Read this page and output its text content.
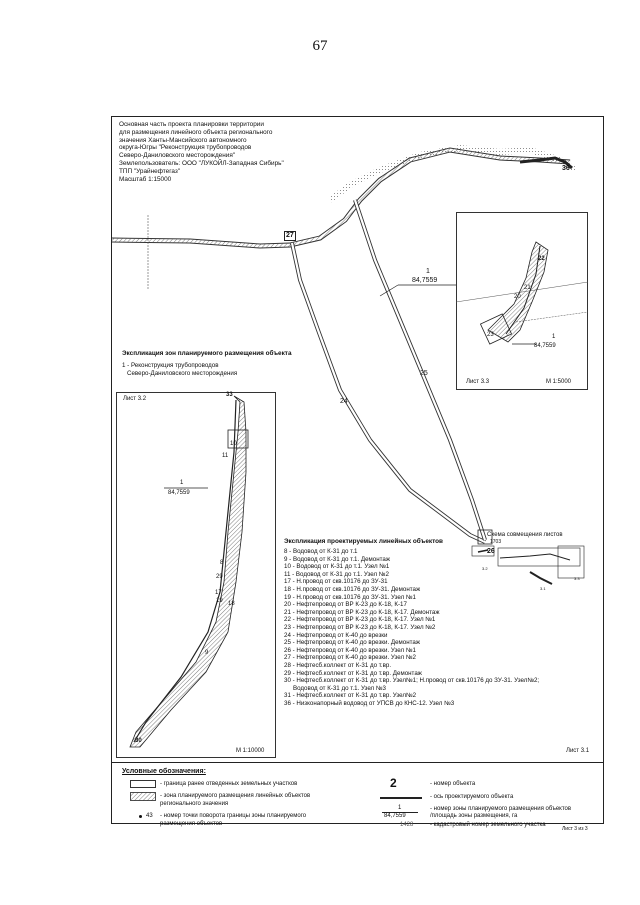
67
Основная часть проекта планировки территории
для размещения линейного объекта регионального
значения Ханты-Мансийского автономного
округа-Югры "Реконструкция трубопроводов
Северо-Даниловского месторождения"
Землепользователь: ООО "ЛУКОЙЛ-Западная Сибирь"
ТПП "Урайнефтегаз"
Масштаб 1:15000
27
36
24
25
26
1703
1
84,7559
Лист 3.1
Экспликация зон планируемого размещения объекта
1 - Реконструкция трубопроводов
Северо-Даниловского месторождения
Лист 3.2
М 1:10000
33
10
11
8
17
19 18
29
9
30
1
84,7559
Лист 3.3	М 1:5000
22
21
20
23	1
84,7559
Экспликация проектируемых линейных объектов
8 - Водовод от К-31 до т.1
9 - Водовод от К-31 до т.1. Демонтаж
10 - Водовод от К-31 до т.1. Узел №1
11 - Водовод от К-31 до т.1. Узел №2
17 - Н.провод от скв.10176 до ЗУ-31
18 - Н.провод от скв.10176 до ЗУ-31. Демонтаж
19 - Н.провод от скв.10176 до ЗУ-31. Узел №1
20 - Нефтепровод от ВР К-23 до К-18, К-17
21 - Нефтепровод от ВР К-23 до К-18, К-17. Демонтаж
22 - Нефтепровод от ВР К-23 до К-18, К-17. Узел №1
23 - Нефтепровод от ВР К-23 до К-18, К-17. Узел №2
24 - Нефтепровод от К-40 до врезки
25 - Нефтепровод от К-40 до врезки. Демонтаж
26 - Нефтепровод от К-40 до врезки. Узел №1
27 - Нефтепровод от К-40 до врезки. Узел №2
28 - Нефтесб.коллект от К-31 до т.вр.
29 - Нефтесб.коллект от К-31 до т.вр. Демонтаж
30 - Нефтесб.коллект от К-31 до т.вр. Узел№1; Н.провод от скв.10176 до ЗУ-31. Узел№2;
Водовод от К-31 до т.1. Узел №3
31 - Нефтесб.коллект от К-31 до т.вр. Узел№2
36 - Низконапорный водовод от УПСВ до КНС-12. Узел №3
Схема совмещения листов
3.2
3.3
3.1
Условные обозначения:
- граница ранее отведенных земельных участков
- зона планируемого размещения линейных объектов
регионального значения
43 - номер точки поворота границы зоны планируемого
размещения объектов
2	- номер объекта
- ось проектируемого объекта
1
84,7559
- номер зоны планируемого размещения объектов
/площадь зоны размещения, га
1428	- кадастровый номер земельного участка
Лист 3 из 3
